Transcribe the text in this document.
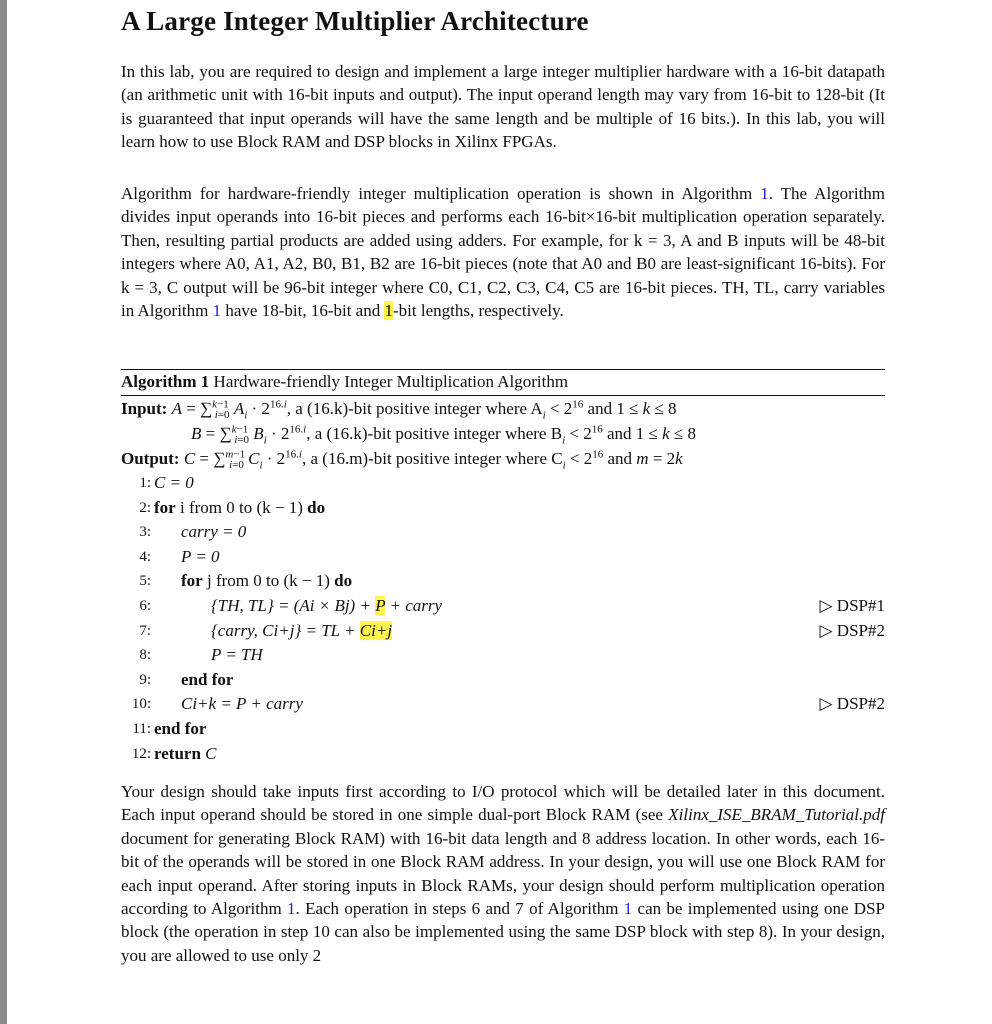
A Large Integer Multiplier Architecture
In this lab, you are required to design and implement a large integer multiplier hardware with a 16-bit datapath (an arithmetic unit with 16-bit inputs and output). The input operand length may vary from 16-bit to 128-bit (It is guaranteed that input operands will have the same length and be multiple of 16 bits.). In this lab, you will learn how to use Block RAM and DSP blocks in Xilinx FPGAs.
Algorithm for hardware-friendly integer multiplication operation is shown in Algorithm 1. The Algorithm divides input operands into 16-bit pieces and performs each 16-bit×16-bit multiplication operation separately. Then, resulting partial products are added using adders. For example, for k = 3, A and B inputs will be 48-bit integers where A0, A1, A2, B0, B1, B2 are 16-bit pieces (note that A0 and B0 are least-significant 16-bits). For k = 3, C output will be 96-bit integer where C0, C1, C2, C3, C4, C5 are 16-bit pieces. TH, TL, carry variables in Algorithm 1 have 18-bit, 16-bit and 1-bit lengths, respectively.
Algorithm 1 Hardware-friendly Integer Multiplication Algorithm
Input: A = ∑$^{k-1}_{i=0}$ $A_i \cdot 2^{16.i}$, a (16.k)-bit positive integer where $A_i < 2^{16}$ and 1 ≤ k ≤ 8
B = ∑$^{k-1}_{i=0}$ $B_i \cdot 2^{16.i}$, a (16.k)-bit positive integer where $B_i < 2^{16}$ and 1 ≤ k ≤ 8
Output: C = ∑$^{m-1}_{i=0}$ $C_i \cdot 2^{16.i}$, a (16.m)-bit positive integer where $C_i < 2^{16}$ and m = 2k
1: C = 0
2: for i from 0 to (k − 1) do
3: carry = 0
4: P = 0
5: for j from 0 to (k − 1) do
6:	{TH, TL} = (Ai × Bj) + P + carry	▷ DSP#1
7:	{carry, Ci+j} = TL + Ci+j	▷ DSP#2
8:	P = TH
9: end for
10: Ci+k = P + carry	▷ DSP#2
11: end for
12: return C
Your design should take inputs first according to I/O protocol which will be detailed later in this document. Each input operand should be stored in one simple dual-port Block RAM (see Xilinx_ISE_BRAM_Tutorial.pdf document for generating Block RAM) with 16-bit data length and 8 address location. In other words, each 16-bit of the operands will be stored in one Block RAM address. In your design, you will use one Block RAM for each input operand. After storing inputs in Block RAMs, your design should perform multiplication operation according to Algorithm 1. Each operation in steps 6 and 7 of Algorithm 1 can be implemented using one DSP block (the operation in step 10 can also be implemented using the same DSP block with step 8). In your design, you are allowed to use only 2
